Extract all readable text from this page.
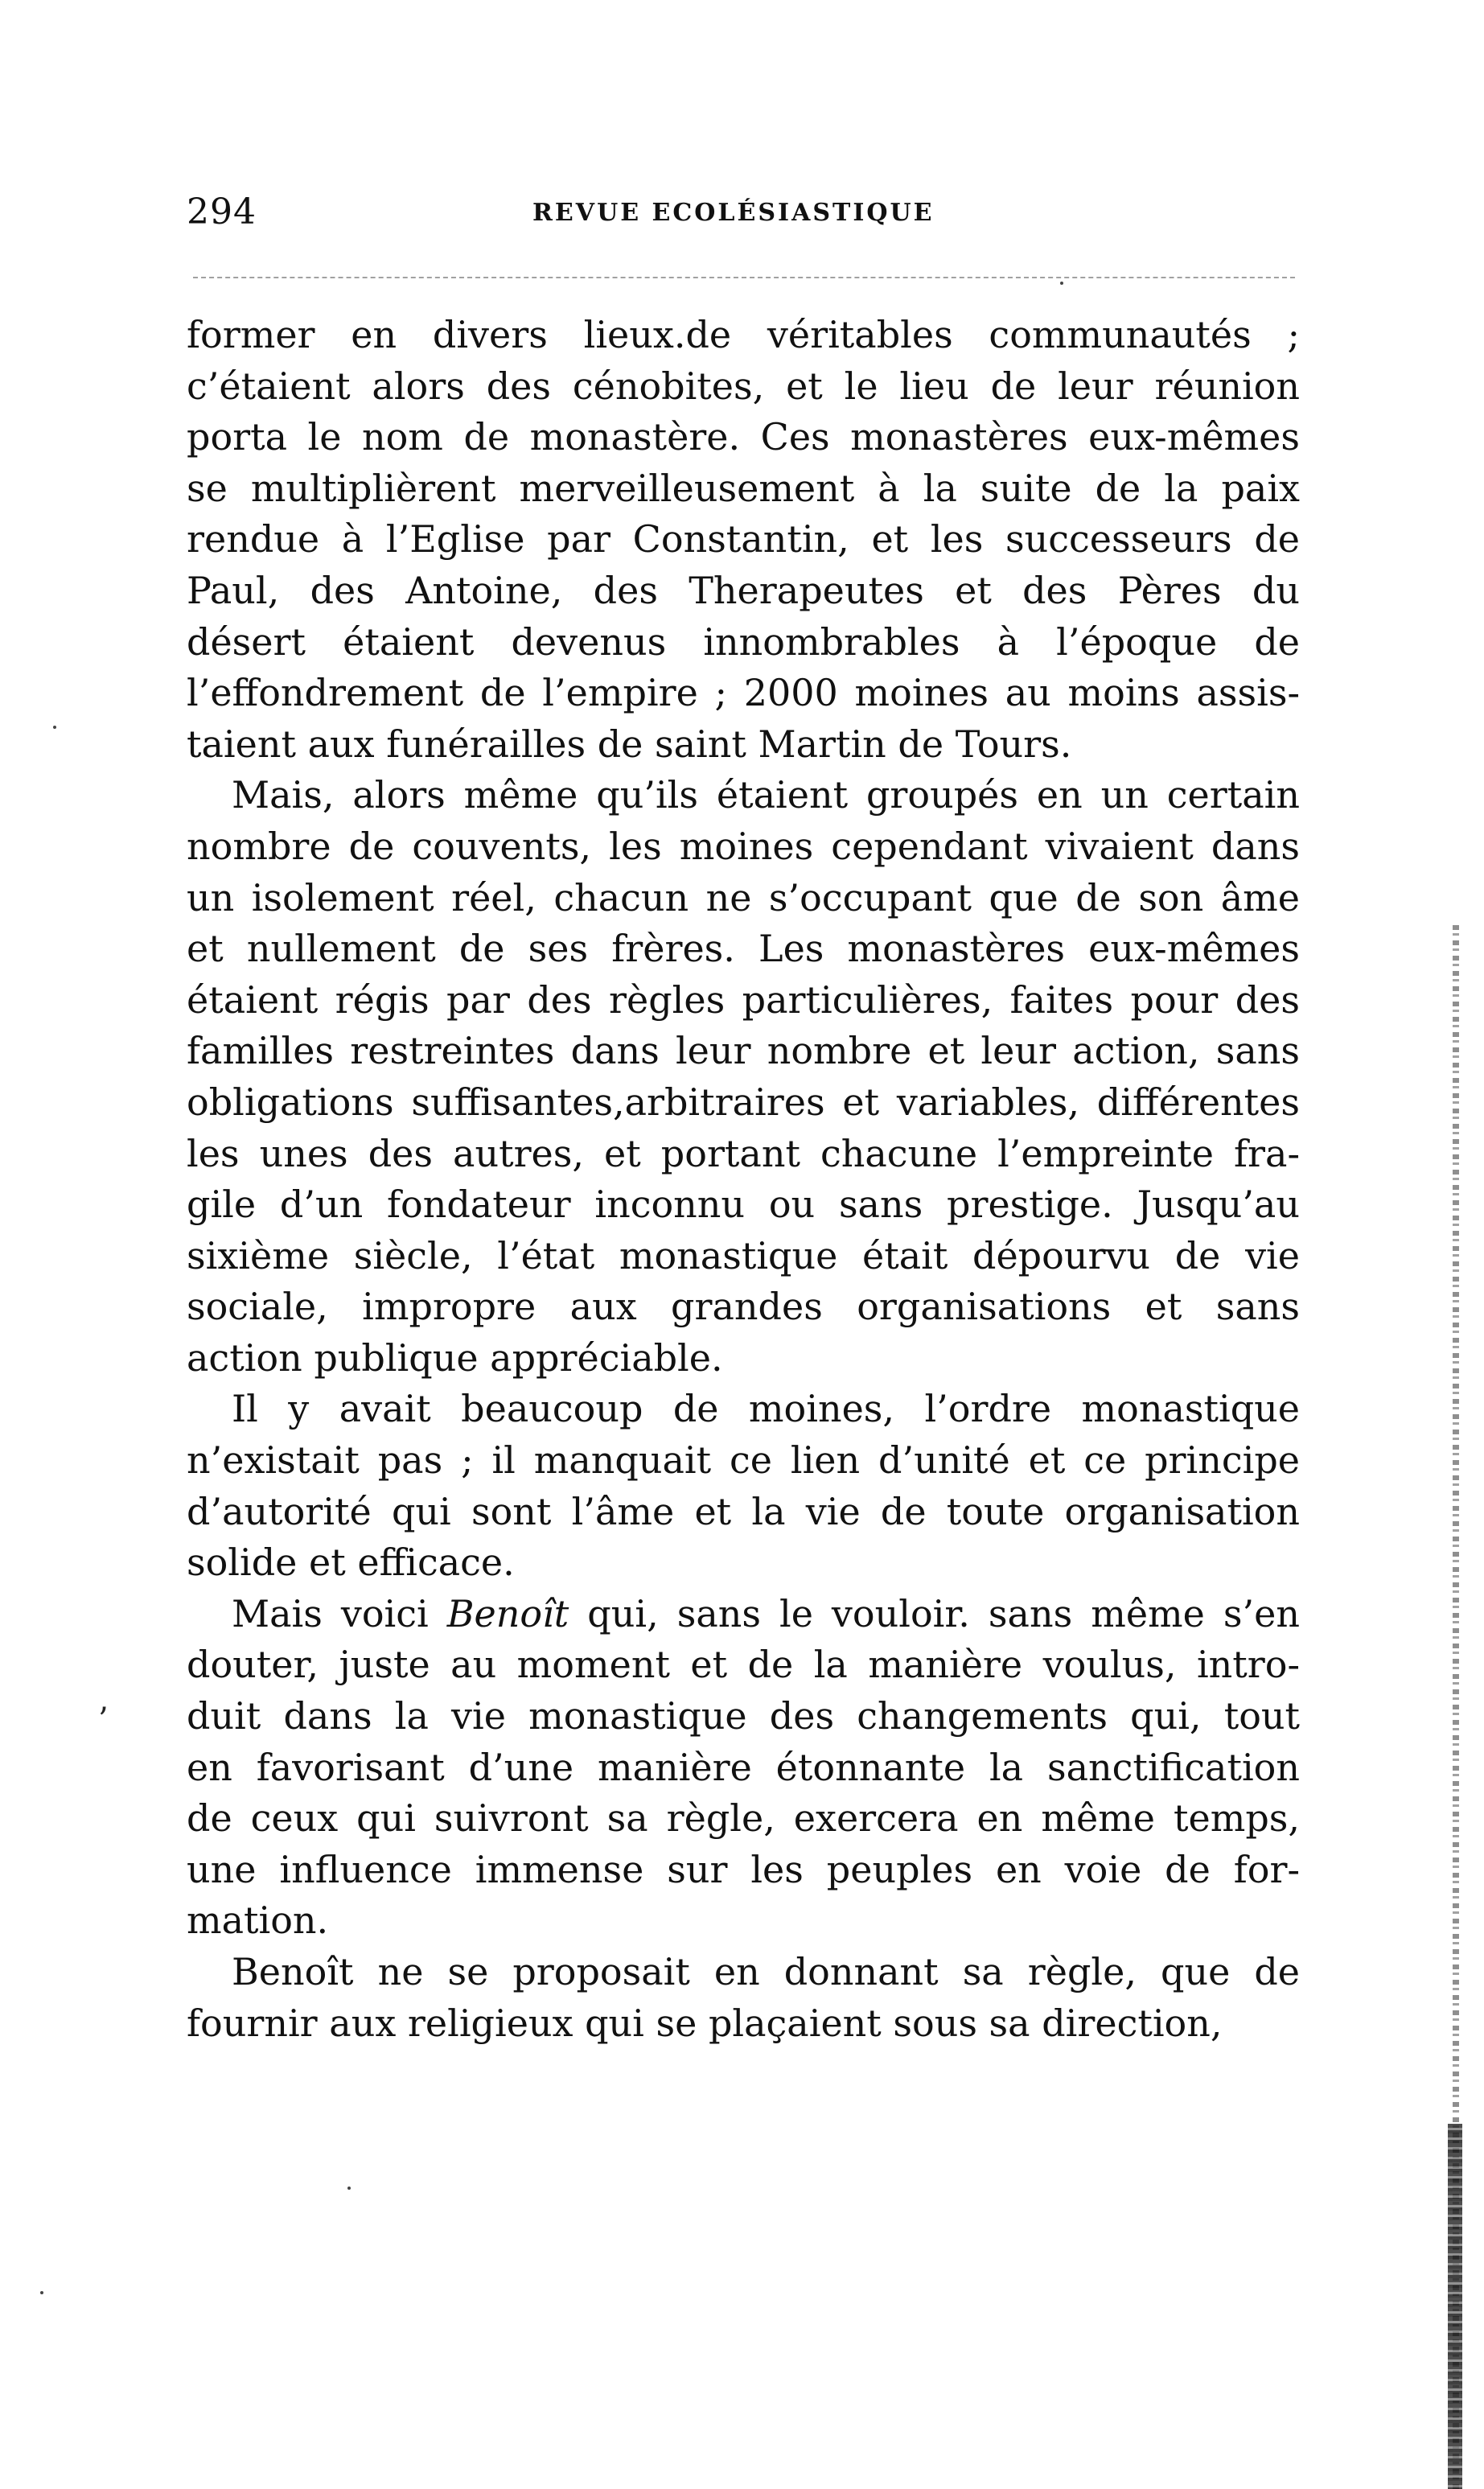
294	REVUE ECOLÉSIASTIQUE
former en divers lieux.de véritables communautés ;
c’étaient alors des cénobites, et le lieu de leur réunion
porta le nom de monastère. Ces monastères eux-mêmes
se multiplièrent merveilleusement à la suite de la paix
rendue à l’Eglise par Constantin, et les successeurs de
Paul, des Antoine, des Therapeutes et des Pères du
désert étaient devenus innombrables à l’époque de
l’effondrement de l’empire ; 2000 moines au moins assis-
taient aux funérailles de saint Martin de Tours.
Mais, alors même qu’ils étaient groupés en un certain
nombre de couvents, les moines cependant vivaient dans
un isolement réel, chacun ne s’occupant que de son âme
et nullement de ses frères. Les monastères eux-mêmes
étaient régis par des règles particulières, faites pour des
familles restreintes dans leur nombre et leur action, sans
obligations suffisantes,arbitraires et variables, différentes
les unes des autres, et portant chacune l’empreinte fra-
gile d’un fondateur inconnu ou sans prestige. Jusqu’au
sixième siècle, l’état monastique était dépourvu de vie
sociale, impropre aux grandes organisations et sans
action publique appréciable.
Il y avait beaucoup de moines, l’ordre monastique
n’existait pas ; il manquait ce lien d’unité et ce principe
d’autorité qui sont l’âme et la vie de toute organisation
solide et efficace.
Mais voici Benoît qui, sans le vouloir. sans même s’en
douter, juste au moment et de la manière voulus, intro-
duit dans la vie monastique des changements qui, tout
en favorisant d’une manière étonnante la sanctification
de ceux qui suivront sa règle, exercera en même temps,
une influence immense sur les peuples en voie de for-
mation.
Benoît ne se proposait en donnant sa règle, que de
fournir aux religieux qui se plaçaient sous sa direction,
’
